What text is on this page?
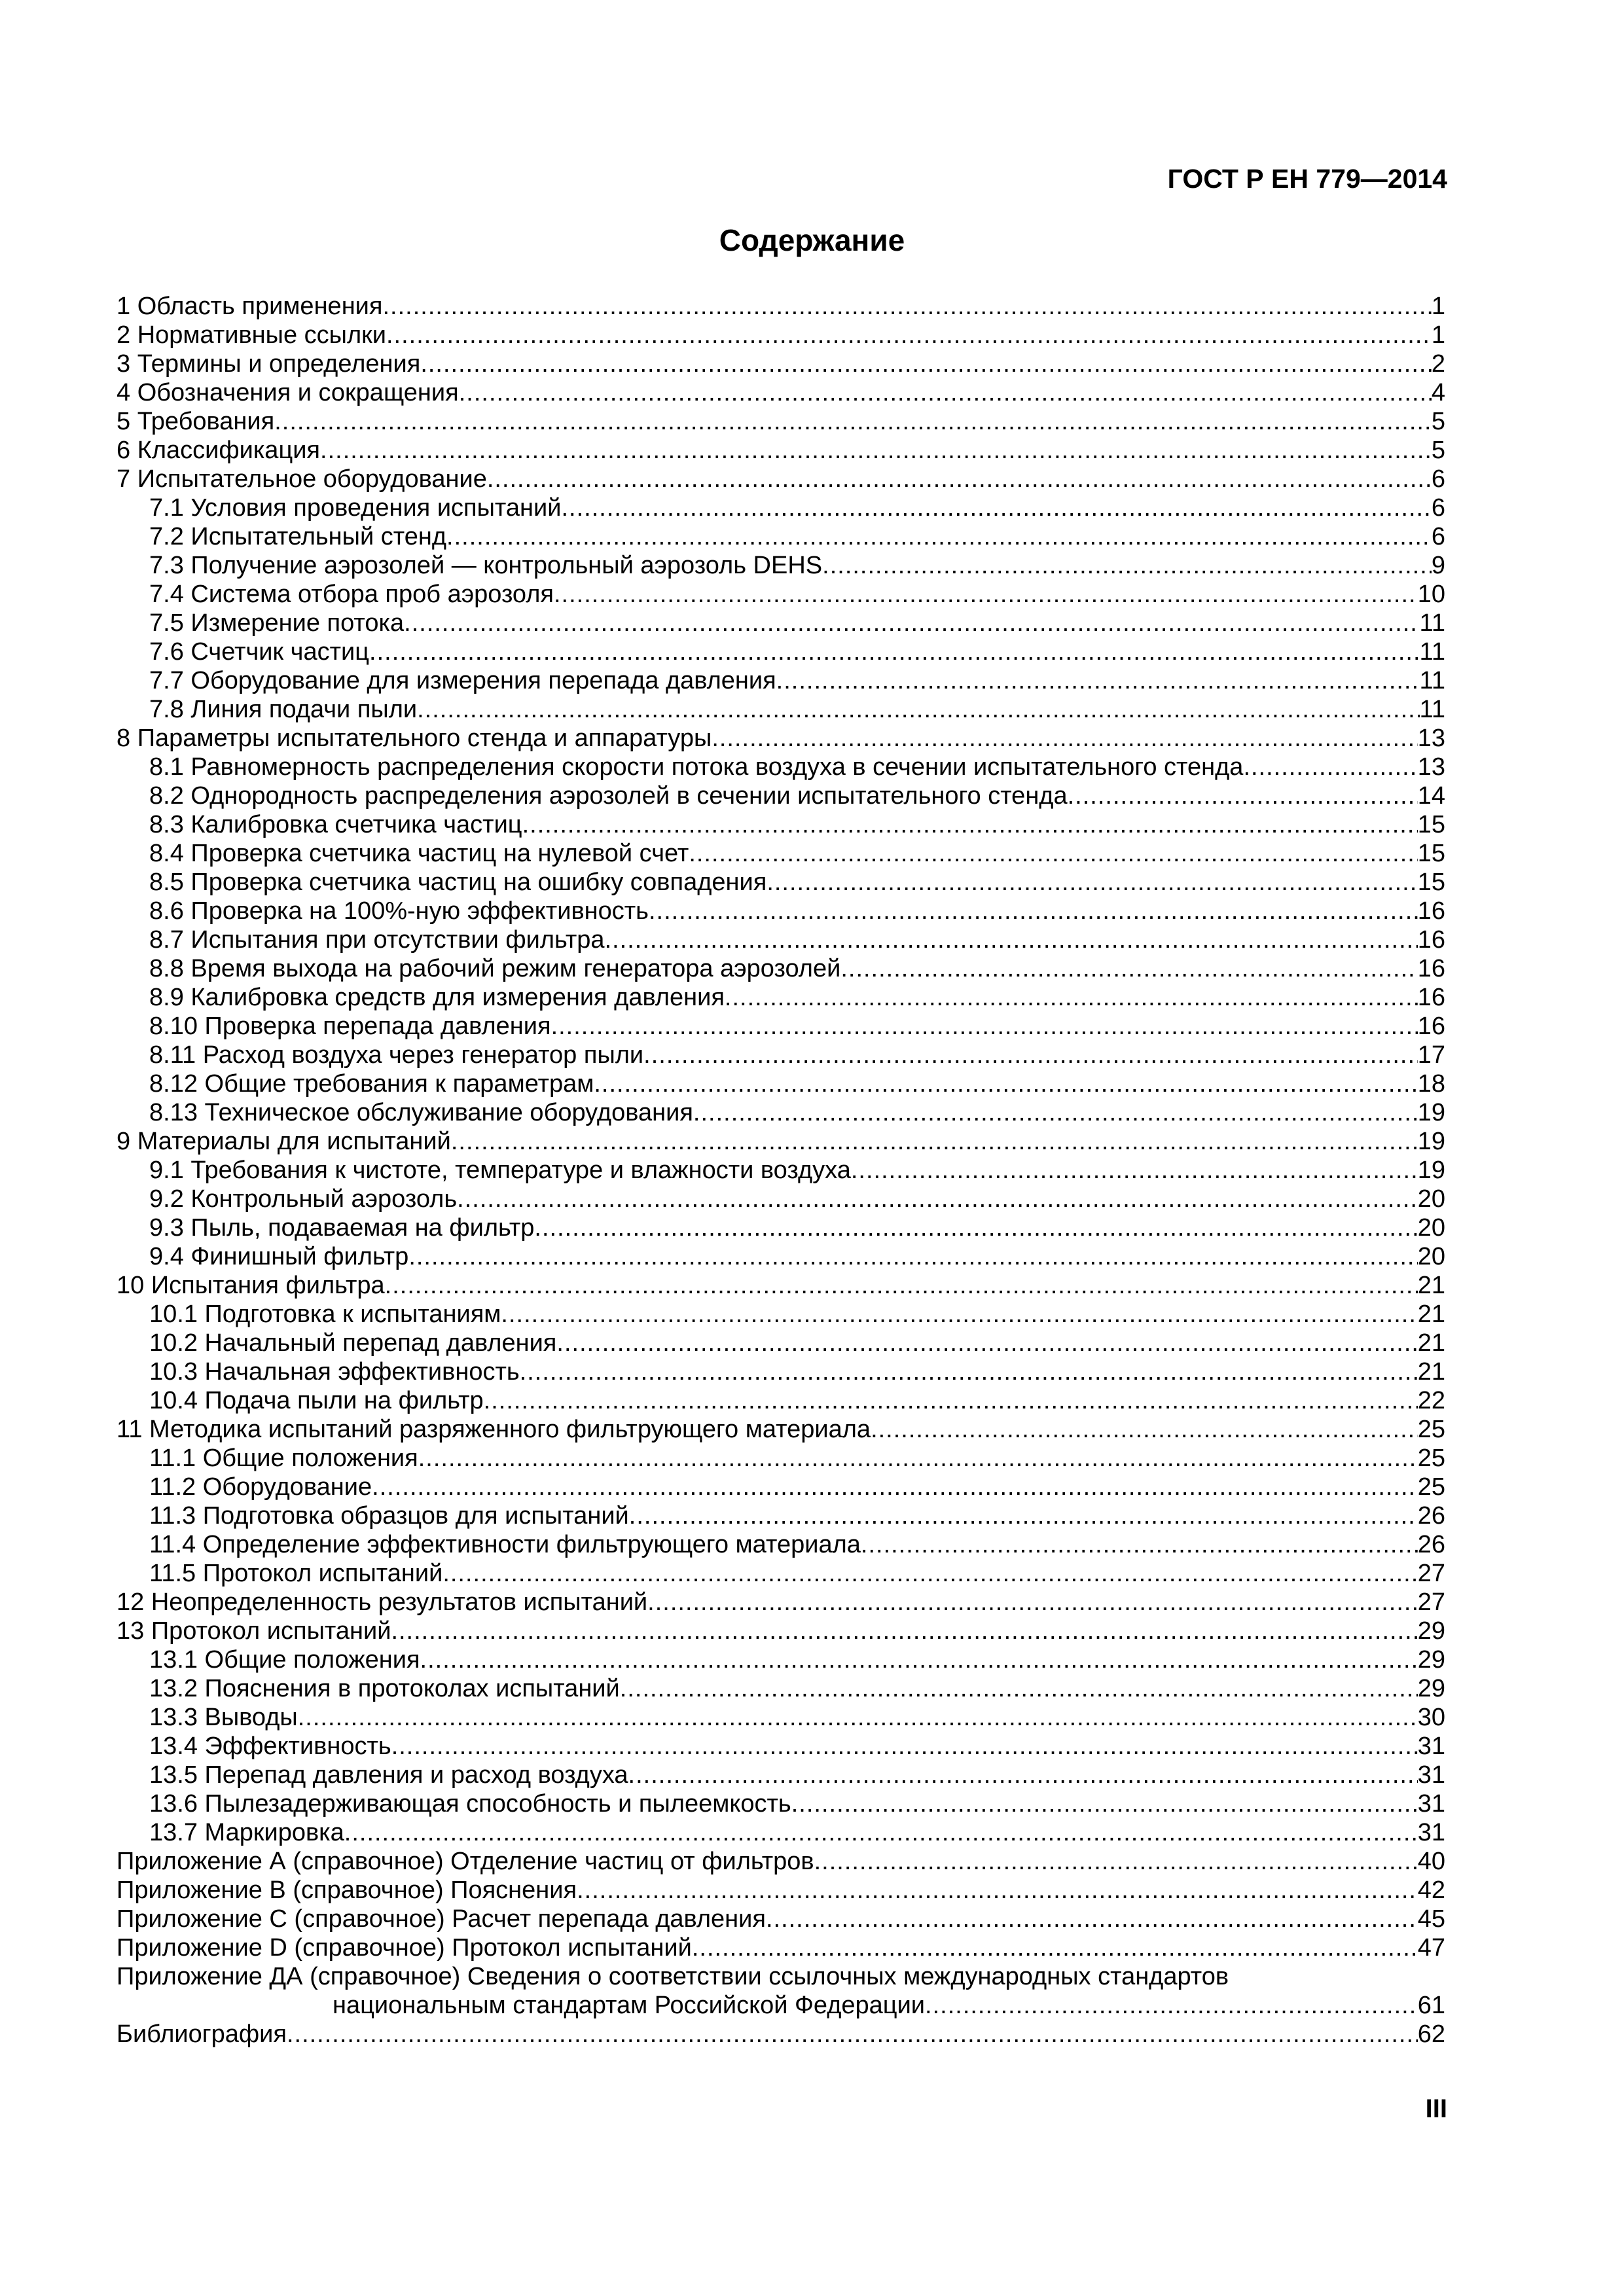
ГОСТ Р ЕН 779—2014
Содержание
1 Область применения .....	1
2 Нормативные ссылки .....	1
3 Термины и определения .....	2
4 Обозначения и сокращения .....	4
5 Требования .....	5
6 Классификация .....	5
7 Испытательное оборудование .....	6
7.1 Условия проведения испытаний .....	6
7.2 Испытательный стенд .....	6
7.3 Получение аэрозолей — контрольный аэрозоль DEHS .....	9
7.4 Система отбора проб аэрозоля .....	10
7.5 Измерение потока .....	11
7.6 Счетчик частиц .....	11
7.7 Оборудование для измерения перепада давления .....	11
7.8 Линия подачи пыли .....	11
8 Параметры испытательного стенда и аппаратуры .....	13
8.1 Равномерность распределения скорости потока воздуха в сечении испытательного стенда .....	13
8.2 Однородность распределения аэрозолей в сечении испытательного стенда .....	14
8.3 Калибровка счетчика частиц .....	15
8.4 Проверка счетчика частиц на нулевой счет .....	15
8.5 Проверка счетчика частиц на ошибку совпадения .....	15
8.6 Проверка на 100%-ную эффективность .....	16
8.7 Испытания при отсутствии фильтра .....	16
8.8 Время выхода на рабочий режим генератора аэрозолей .....	16
8.9 Калибровка средств для измерения давления .....	16
8.10 Проверка перепада давления .....	16
8.11 Расход воздуха через генератор пыли .....	17
8.12 Общие требования к параметрам .....	18
8.13 Техническое обслуживание оборудования .....	19
9 Материалы для испытаний .....	19
9.1 Требования к чистоте, температуре и влажности воздуха .....	19
9.2 Контрольный аэрозоль .....	20
9.3 Пыль, подаваемая на фильтр .....	20
9.4 Финишный фильтр .....	20
10 Испытания фильтра .....	21
10.1 Подготовка к испытаниям .....	21
10.2 Начальный перепад давления .....	21
10.3 Начальная эффективность .....	21
10.4 Подача пыли на фильтр .....	22
11 Методика испытаний разряженного фильтрующего материала .....	25
11.1 Общие положения .....	25
11.2 Оборудование .....	25
11.3 Подготовка образцов для испытаний .....	26
11.4 Определение эффективности фильтрующего материала .....	26
11.5 Протокол испытаний .....	27
12 Неопределенность результатов испытаний .....	27
13 Протокол испытаний .....	29
13.1 Общие положения .....	29
13.2 Пояснения в протоколах испытаний .....	29
13.3 Выводы .....	30
13.4 Эффективность .....	31
13.5 Перепад давления и расход воздуха .....	31
13.6 Пылезадерживающая способность и пылеемкость .....	31
13.7 Маркировка .....	31
Приложение А (справочное) Отделение частиц от фильтров .....	40
Приложение В (справочное) Пояснения .....	42
Приложение С (справочное) Расчет перепада давления .....	45
Приложение D (справочное) Протокол испытаний .....	47
Приложение ДА (справочное) Сведения о соответствии ссылочных международных стандартов
национальным стандартам Российской Федерации .....	61
Библиография .....	62
III
